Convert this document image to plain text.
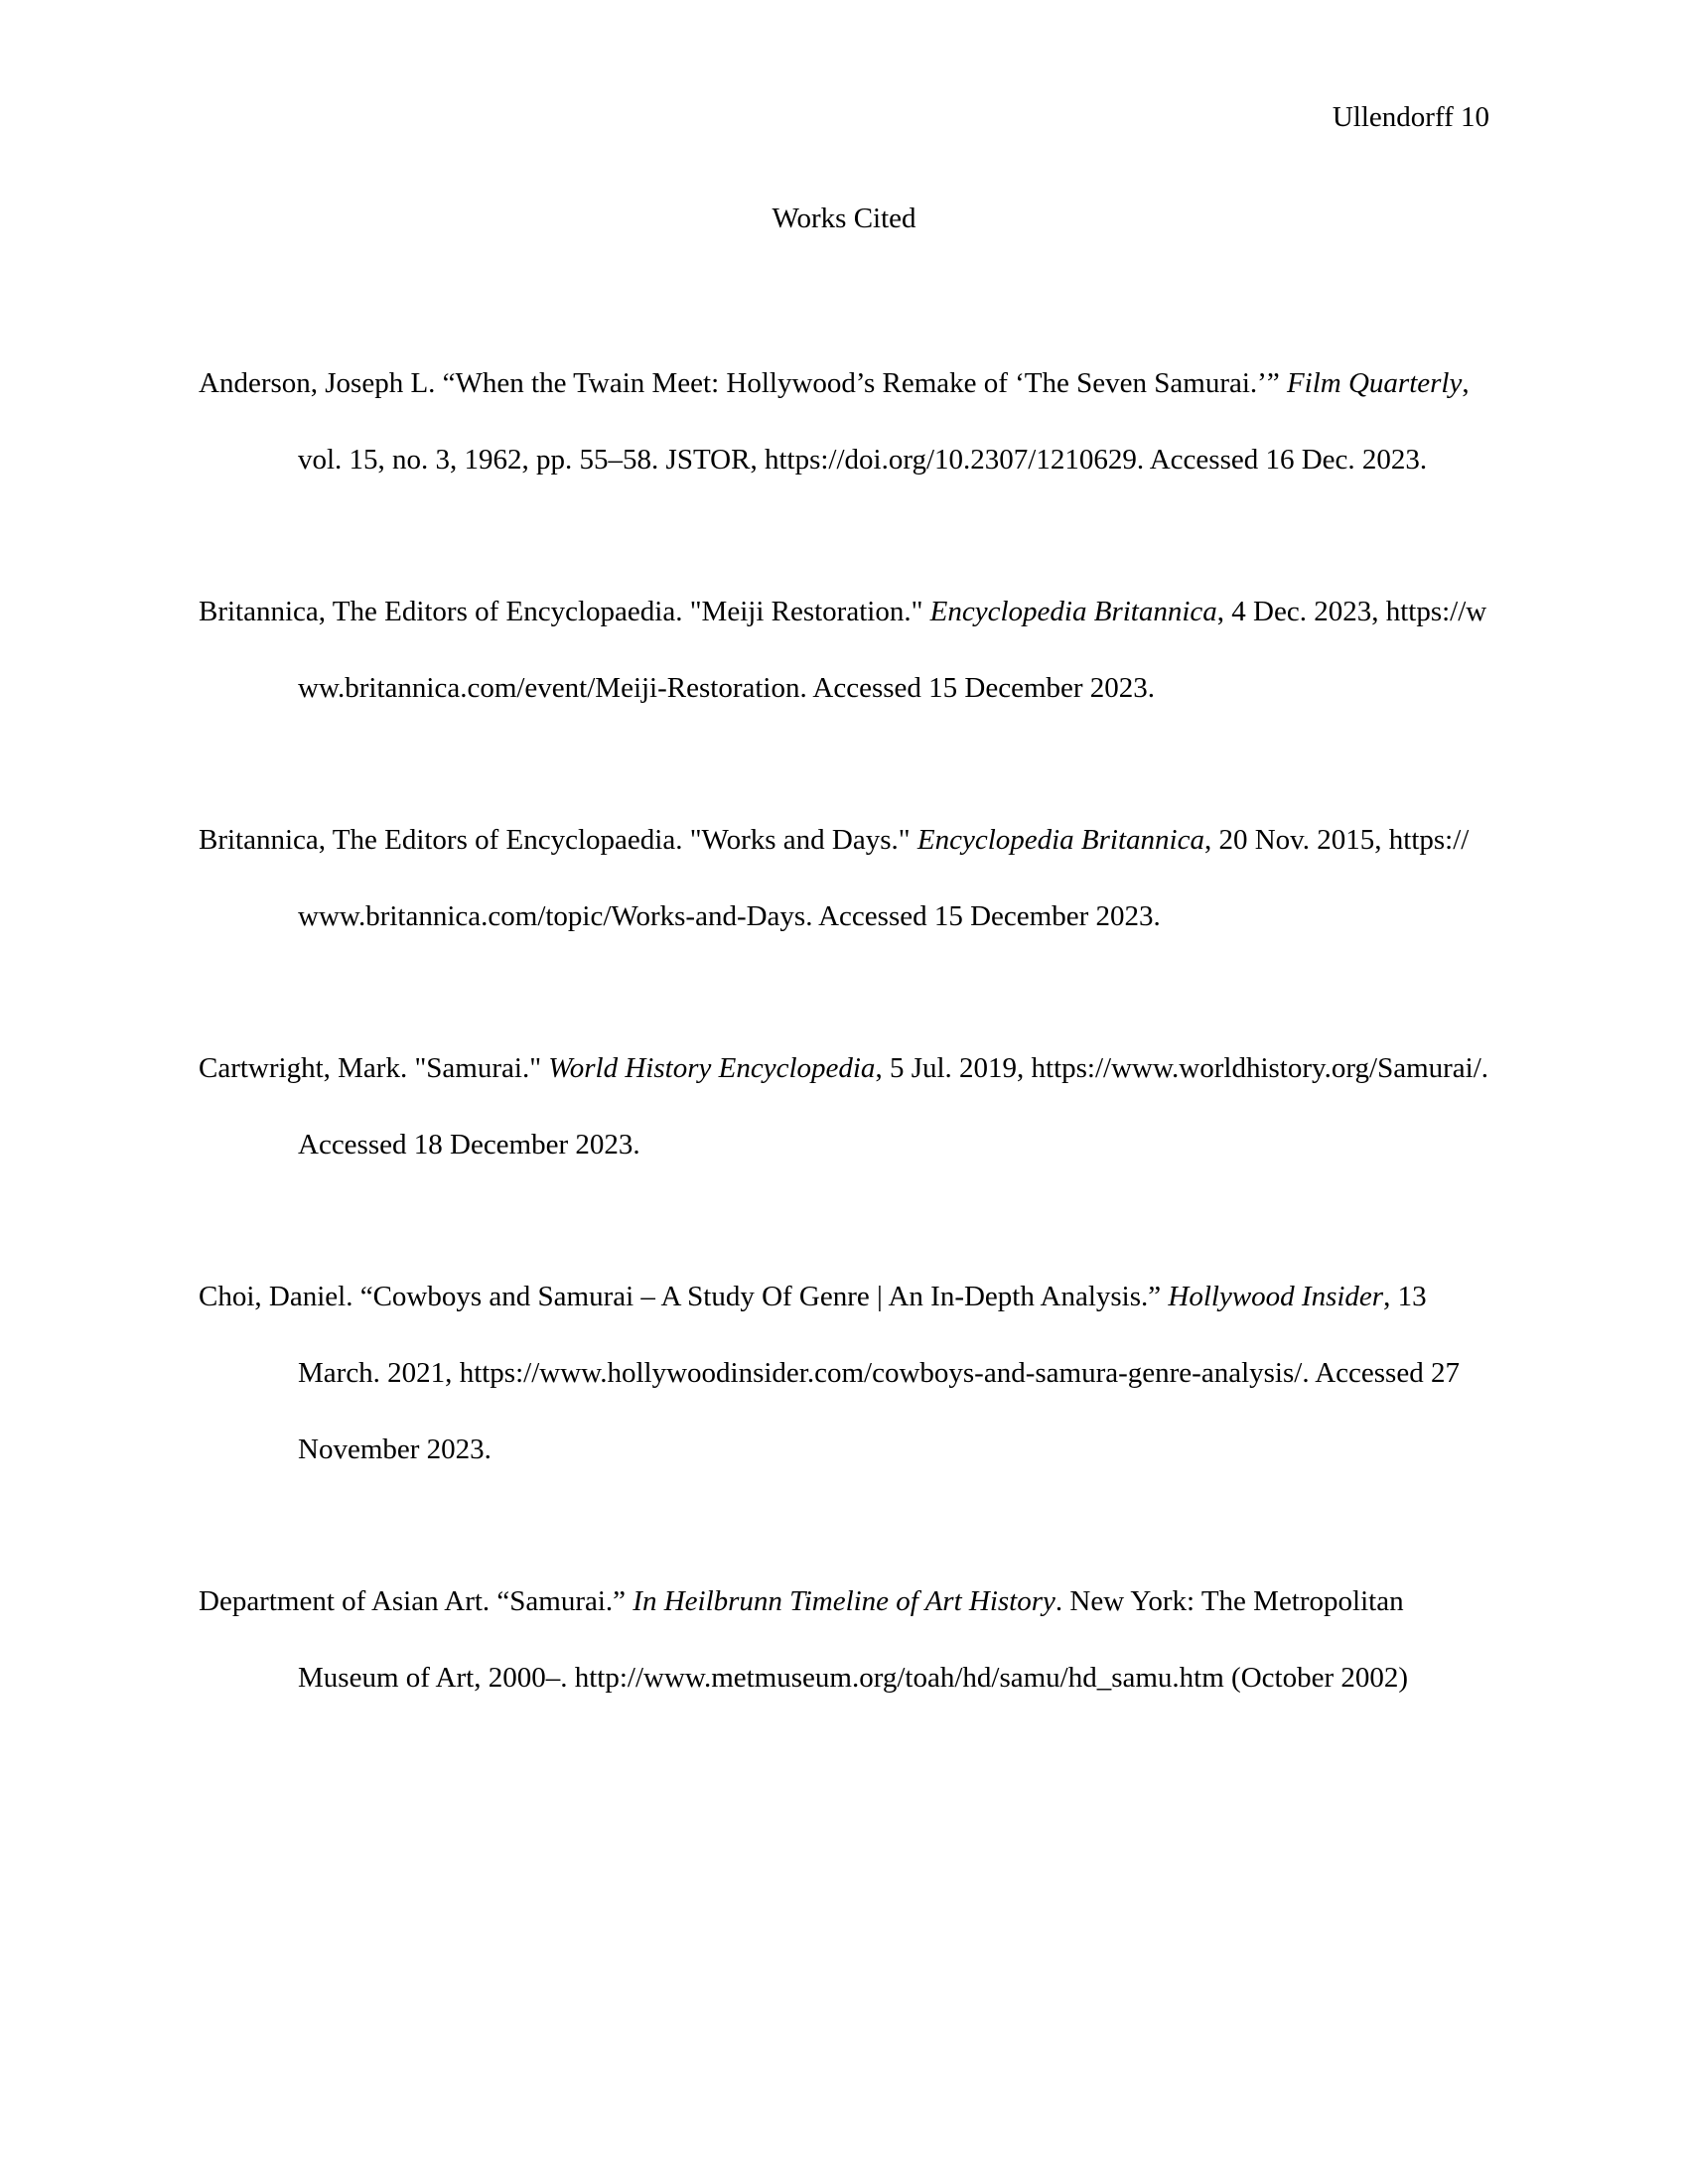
Ullendorff 10
Works Cited

Anderson, Joseph L. “When the Twain Meet: Hollywood’s Remake of ‘The Seven Samurai.’” Film Quarterly, vol. 15, no. 3, 1962, pp. 55–58. JSTOR, https://doi.org/10.2307/1210629. Accessed 16 Dec. 2023.

Britannica, The Editors of Encyclopaedia. "Meiji Restoration." Encyclopedia Britannica, 4 Dec. 2023, https://www.britannica.com/event/Meiji-Restoration. Accessed 15 December 2023.

Britannica, The Editors of Encyclopaedia. "Works and Days." Encyclopedia Britannica, 20 Nov. 2015, https://www.britannica.com/topic/Works-and-Days. Accessed 15 December 2023.

Cartwright, Mark. "Samurai." World History Encyclopedia, 5 Jul. 2019, https://www.worldhistory.org/Samurai/. Accessed 18 December 2023.

Choi, Daniel. “Cowboys and Samurai – A Study Of Genre | An In-Depth Analysis.” Hollywood Insider, 13 March. 2021, https://www.hollywoodinsider.com/cowboys-and-samura-genre-analysis/. Accessed 27 November 2023.

Department of Asian Art. “Samurai.” In Heilbrunn Timeline of Art History. New York: The Metropolitan Museum of Art, 2000–. http://www.metmuseum.org/toah/hd/samu/hd_samu.htm (October 2002)
